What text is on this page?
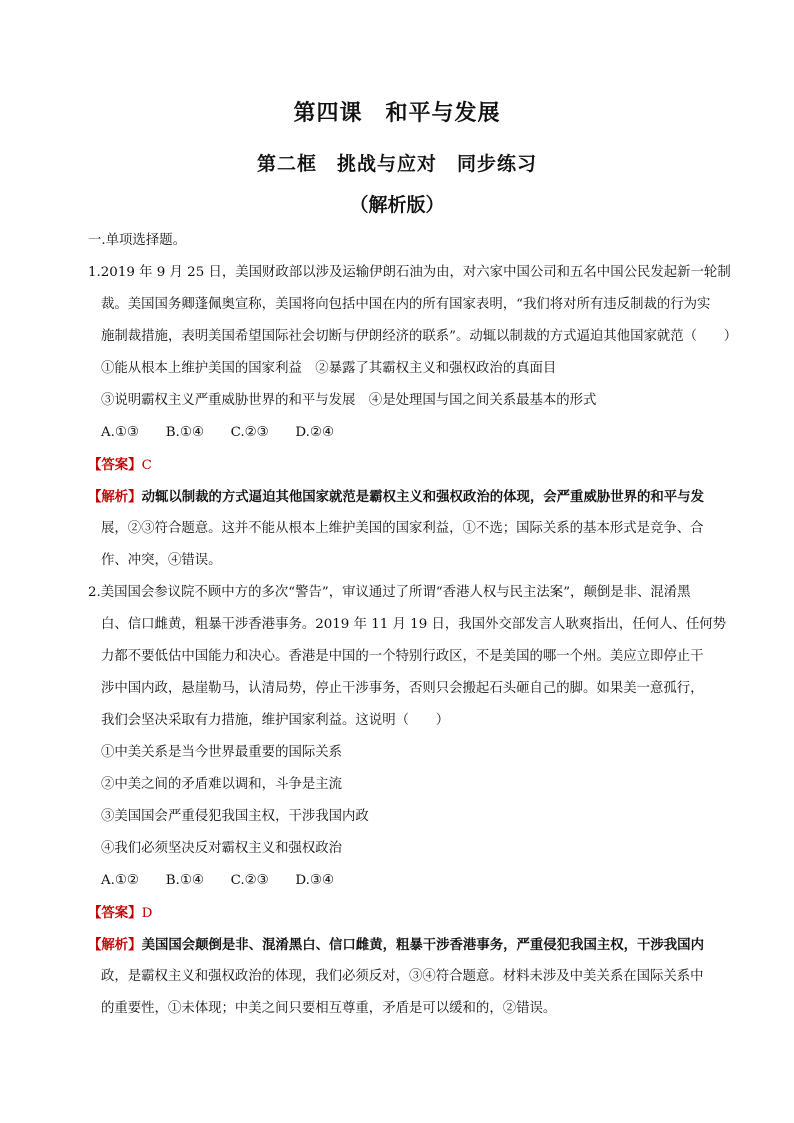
第四课　和平与发展
第二框　挑战与应对　同步练习
（解析版）
一.单项选择题。
1.2019 年 9 月 25 日，美国财政部以涉及运输伊朗石油为由，对六家中国公司和五名中国公民发起新一轮制
裁。美国国务卿蓬佩奥宣称，美国将向包括中国在内的所有国家表明，“我们将对所有违反制裁的行为实
施制裁措施，表明美国希望国际社会切断与伊朗经济的联系”。动辄以制裁的方式逼迫其他国家就范（　　）
①能从根本上维护美国的国家利益　②暴露了其霸权主义和强权政治的真面目
③说明霸权主义严重威胁世界的和平与发展　④是处理国与国之间关系最基本的形式
A.①③　　B.①④　　C.②③　　D.②④
【答案】C
【解析】动辄以制裁的方式逼迫其他国家就范是霸权主义和强权政治的体现，会严重威胁世界的和平与发
展，②③符合题意。这并不能从根本上维护美国的国家利益，①不选；国际关系的基本形式是竞争、合
作、冲突，④错误。
2.美国国会参议院不顾中方的多次“警告”，审议通过了所谓“香港人权与民主法案”，颠倒是非、混淆黑
白、信口雌黄，粗暴干涉香港事务。2019 年 11 月 19 日，我国外交部发言人耿爽指出，任何人、任何势
力都不要低估中国能力和决心。香港是中国的一个特别行政区，不是美国的哪一个州。美应立即停止干
涉中国内政，悬崖勒马，认清局势，停止干涉事务，否则只会搬起石头砸自己的脚。如果美一意孤行，
我们会坚决采取有力措施，维护国家利益。这说明（　　）
①中美关系是当今世界最重要的国际关系
②中美之间的矛盾难以调和，斗争是主流
③美国国会严重侵犯我国主权，干涉我国内政
④我们必须坚决反对霸权主义和强权政治
A.①②　　B.①④　　C.②③　　D.③④
【答案】D
【解析】美国国会颠倒是非、混淆黑白、信口雌黄，粗暴干涉香港事务，严重侵犯我国主权，干涉我国内
政，是霸权主义和强权政治的体现，我们必须反对，③④符合题意。材料未涉及中美关系在国际关系中
的重要性，①未体现；中美之间只要相互尊重，矛盾是可以缓和的，②错误。
